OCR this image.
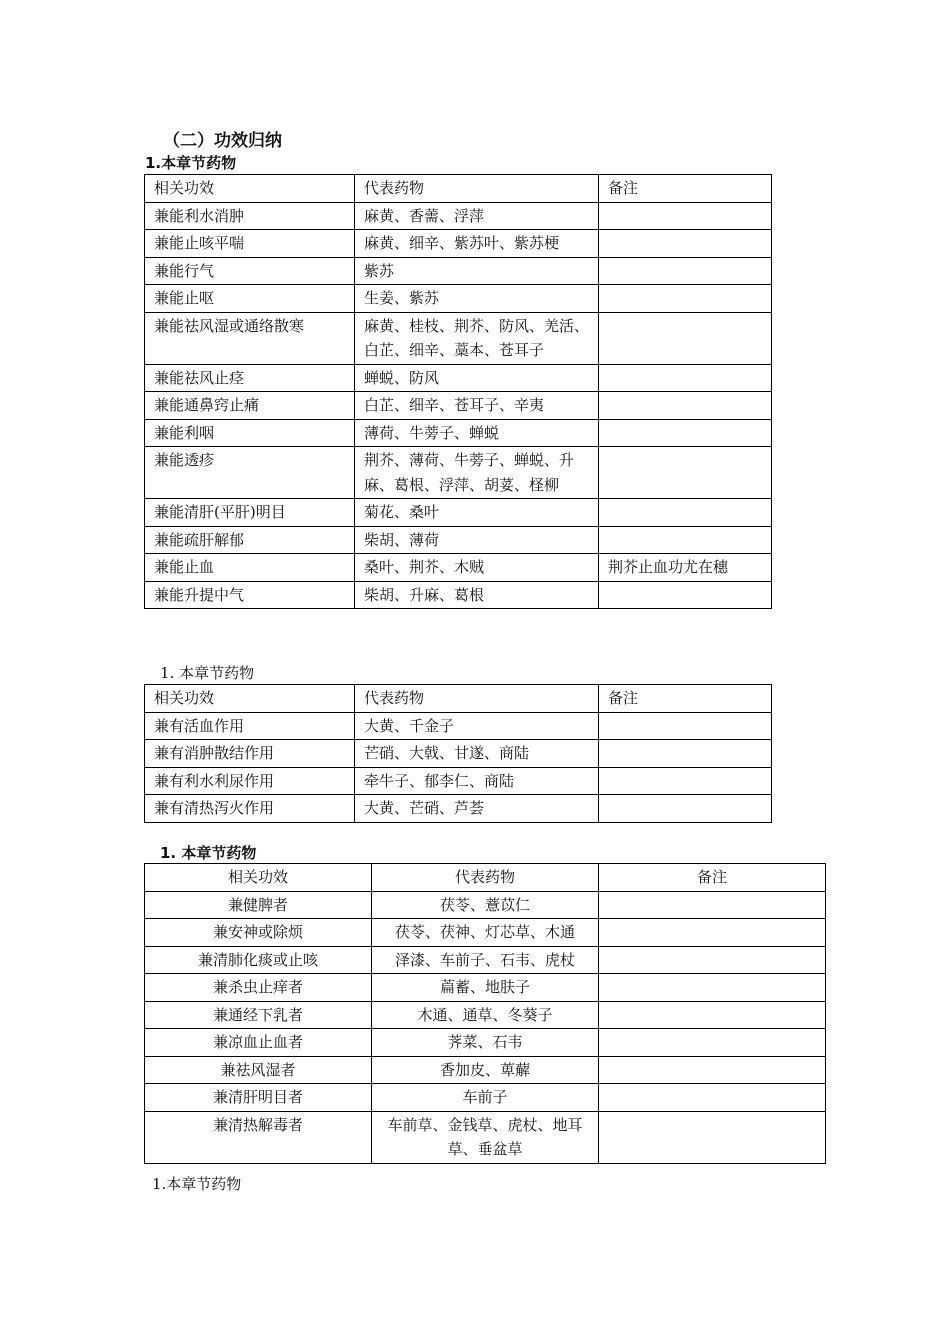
（二）功效归纳
1.本章节药物
相关功效	代表药物	备注
兼能利水消肿	麻黄、香薷、浮萍	
兼能止咳平喘	麻黄、细辛、紫苏叶、紫苏梗	
兼能行气	紫苏	
兼能止呕	生姜、紫苏	
兼能祛风湿或通络散寒	麻黄、桂枝、荆芥、防风、羌活、白芷、细辛、藁本、苍耳子	
兼能祛风止痉	蝉蜕、防风	
兼能通鼻窍止痛	白芷、细辛、苍耳子、辛夷	
兼能利咽	薄荷、牛蒡子、蝉蜕	
兼能透疹	荆芥、薄荷、牛蒡子、蝉蜕、升麻、葛根、浮萍、胡荽、柽柳	
兼能清肝(平肝)明目	菊花、桑叶	
兼能疏肝解郁	柴胡、薄荷	
兼能止血	桑叶、荆芥、木贼	荆芥止血功尤在穗
兼能升提中气	柴胡、升麻、葛根	
1. 本章节药物
相关功效	代表药物	备注
兼有活血作用	大黄、千金子	
兼有消肿散结作用	芒硝、大戟、甘遂、商陆	
兼有利水利尿作用	牵牛子、郁李仁、商陆	
兼有清热泻火作用	大黄、芒硝、芦荟	
1. 本章节药物
相关功效	代表药物	备注
兼健脾者	茯苓、薏苡仁	
兼安神或除烦	茯苓、茯神、灯芯草、木通	
兼清肺化痰或止咳	泽漆、车前子、石韦、虎杖	
兼杀虫止痒者	萹蓄、地肤子	
兼通经下乳者	木通、通草、冬葵子	
兼凉血止血者	荠菜、石韦	
兼祛风湿者	香加皮、萆薢	
兼清肝明目者	车前子	
兼清热解毒者	车前草、金钱草、虎杖、地耳草、垂盆草	
1.本章节药物
